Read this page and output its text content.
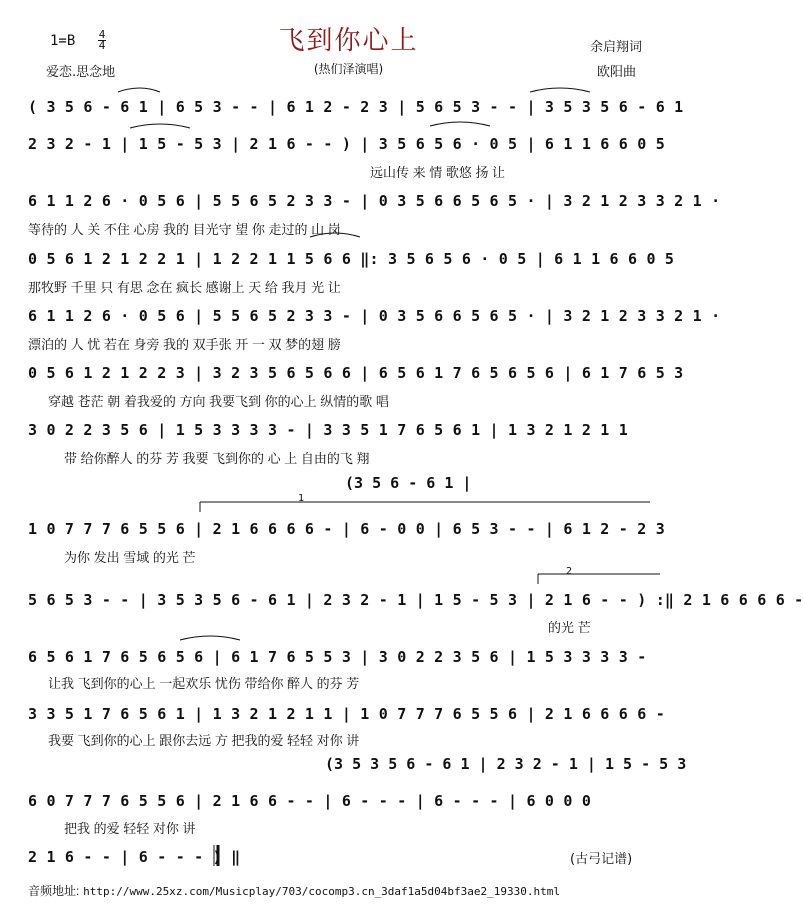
飞到你心上
1=B 4
4
爱恋.思念地	(热们泽演唱)
余启翔词
欧阳曲
1
2
(3 5 6 - 6 1 |
(3 5 3 5 6 - 6 1 | 2 3 2 - 1 | 1 5 - 5 3
( 3 5 6 - 6 1 | 6 5 3 - - | 6 1 2 - 2 3 | 5 6 5 3 - - | 3 5 3 5 6 - 6 1
2 3 2 - 1 | 1 5 - 5 3 | 2 1 6 - - ) | 3 5 6 5 6 · 0 5 | 6 1 1 6 6 0 5
6 1 1 2 6 · 0 5 6 | 5 5 6 5 2 3 3 - | 0 3 5 6 6 5 6 5 · | 3 2 1 2 3 3 2 1 ·
0 5 6 1 2 1 2 2 1 | 1 2 2 1 1 5 6 6 ‖: 3 5 6 5 6 · 0 5 | 6 1 1 6 6 0 5
6 1 1 2 6 · 0 5 6 | 5 5 6 5 2 3 3 - | 0 3 5 6 6 5 6 5 · | 3 2 1 2 3 3 2 1 ·
0 5 6 1 2 1 2 2 3 | 3 2 3 5 6 5 6 6 | 6 5 6 1 7 6 5 6 5 6 | 6 1 7 6 5 3
3 0 2 2 3 5 6 | 1 5 3 3 3 3 - | 3 3 5 1 7 6 5 6 1 | 1 3 2 1 2 1 1
1 0 7 7 7 6 5 5 6 | 2 1 6 6 6 6 - | 6 - 0 0 | 6 5 3 - - | 6 1 2 - 2 3
5 6 5 3 - - | 3 5 3 5 6 - 6 1 | 2 3 2 - 1 | 1 5 - 5 3 | 2 1 6 - - ) :‖ 2 1 6 6 6 6 -
6 5 6 1 7 6 5 6 5 6 | 6 1 7 6 5 5 3 | 3 0 2 2 3 5 6 | 1 5 3 3 3 3 -
3 3 5 1 7 6 5 6 1 | 1 3 2 1 2 1 1 | 1 0 7 7 7 6 5 5 6 | 2 1 6 6 6 6 -
6 0 7 7 7 6 5 5 6 | 2 1 6 6 - - | 6 - - - | 6 - - - | 6 0 0 0
2 1 6 - - | 6 - - - ) ‖
远山传 来 情 歌悠 扬 让
等待的 人 关 不住 心房 我的 目光守 望 你 走过的 山 岗
那牧野 千里 只 有思 念在 疯长 感谢上 天 给 我月 光 让
漂泊的 人 忧 若在 身旁 我的 双手张 开 一 双 梦的翅 膀
穿越 苍茫 朝 着我爱的 方向 我要飞到 你的心上 纵情的歌 唱
带 给你醉人 的芬 芳 我要 飞到你的 心 上 自由的飞 翔
为你 发出 雪域 的光 芒
的光 芒
让我 飞到你的心上 一起欢乐 忧伤 带给你 醉人 的芬 芳
我要 飞到你的心上 跟你去远 方 把我的爱 轻轻 对你 讲
把我 的爱 轻轻 对你 讲
(古弓记谱)
音频地址: http://www.25xz.com/Musicplay/703/cocomp3.cn_3daf1a5d04bf3ae2_19330.html
